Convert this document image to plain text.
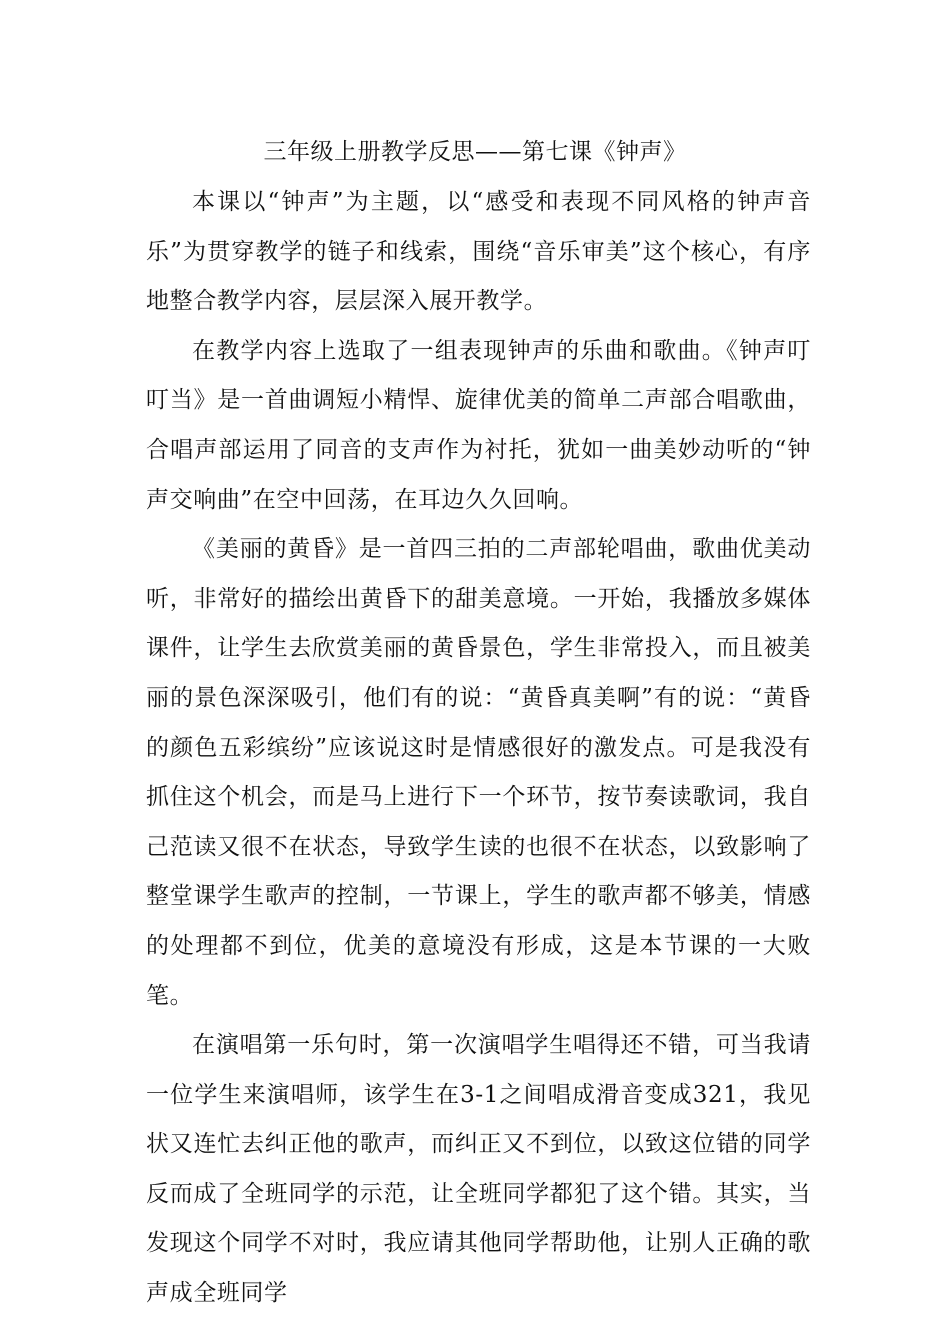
三年级上册教学反思——第七课《钟声》

本课以“钟声”为主题，以“感受和表现不同风格的钟声音乐”为贯穿教学的链子和线索，围绕“音乐审美”这个核心，有序地整合教学内容，层层深入展开教学。

在教学内容上选取了一组表现钟声的乐曲和歌曲。《钟声叮叮当》是一首曲调短小精悍、旋律优美的简单二声部合唱歌曲，合唱声部运用了同音的支声作为衬托，犹如一曲美妙动听的“钟声交响曲”在空中回荡，在耳边久久回响。

《美丽的黄昏》是一首四三拍的二声部轮唱曲，歌曲优美动听，非常好的描绘出黄昏下的甜美意境。一开始，我播放多媒体课件，让学生去欣赏美丽的黄昏景色，学生非常投入，而且被美丽的景色深深吸引，他们有的说：“黄昏真美啊”有的说：“黄昏的颜色五彩缤纷”应该说这时是情感很好的激发点。可是我没有抓住这个机会，而是马上进行下一个环节，按节奏读歌词，我自己范读又很不在状态，导致学生读的也很不在状态，以致影响了整堂课学生歌声的控制，一节课上，学生的歌声都不够美，情感的处理都不到位，优美的意境没有形成，这是本节课的一大败笔。

在演唱第一乐句时，第一次演唱学生唱得还不错，可当我请一位学生来演唱师，该学生在3-1之间唱成滑音变成321，我见状又连忙去纠正他的歌声，而纠正又不到位，以致这位错的同学反而成了全班同学的示范，让全班同学都犯了这个错。其实，当发现这个同学不对时，我应请其他同学帮助他，让别人正确的歌声成全班同学
